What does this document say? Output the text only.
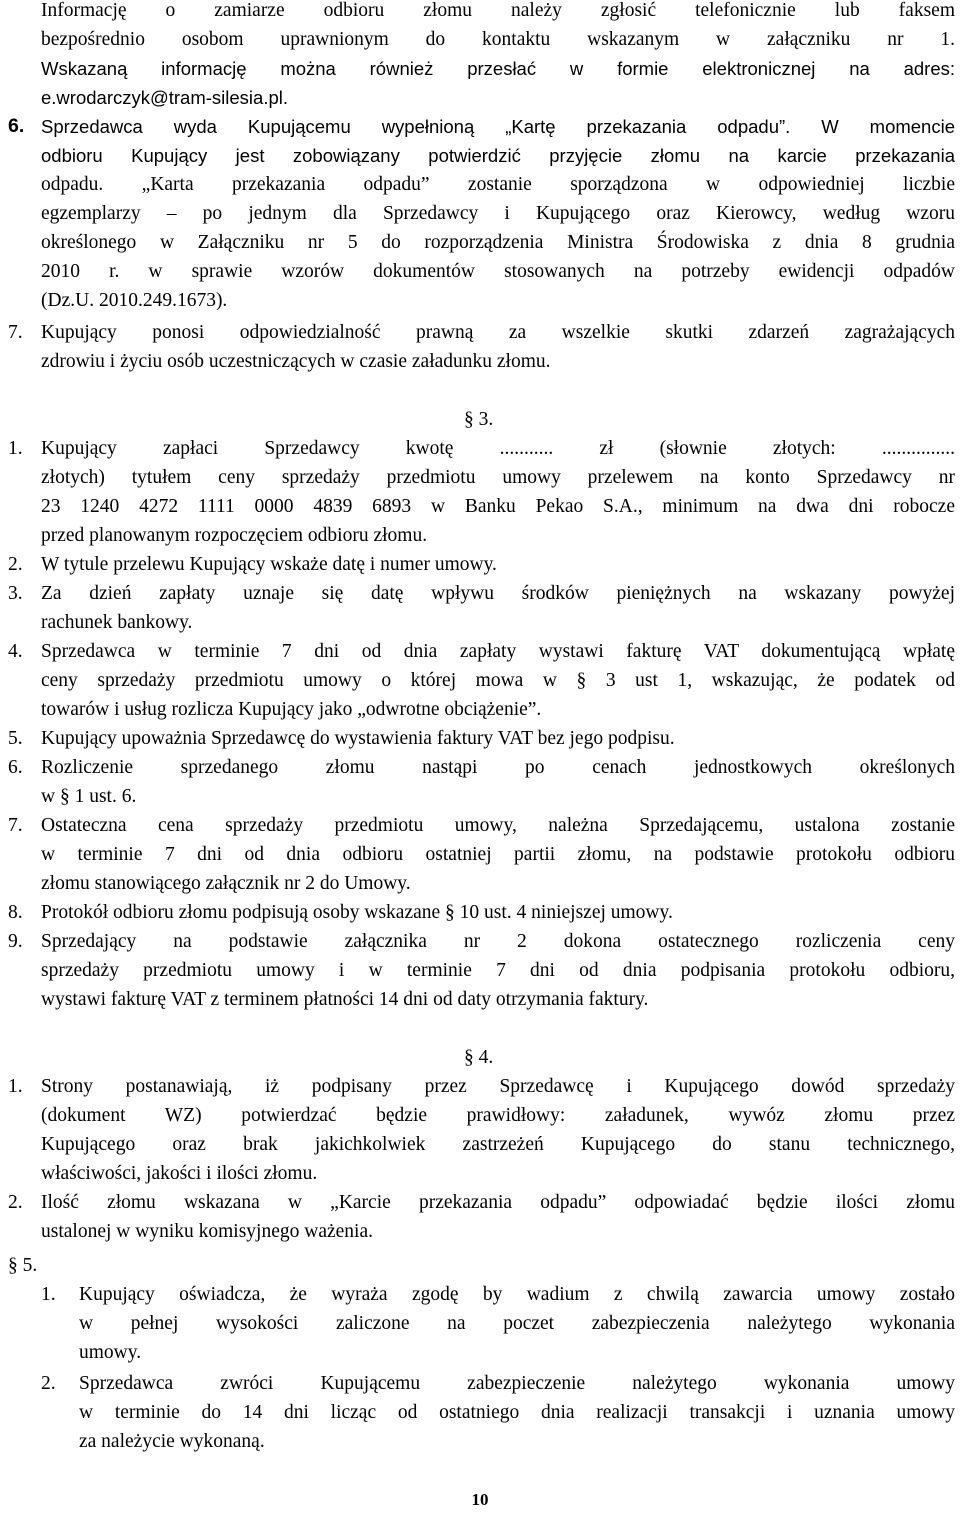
Informację o zamiarze odbioru złomu należy zgłosić telefonicznie lub faksem
bezpośrednio osobom uprawnionym do kontaktu wskazanym w załączniku nr 1.
Wskazaną informację można również przesłać w formie elektronicznej na adres:
e.wrodarczyk@tram-silesia.pl.
6. Sprzedawca wyda Kupującemu wypełnioną „Kartę przekazania odpadu”. W momencie
odbioru Kupujący jest zobowiązany potwierdzić przyjęcie złomu na karcie przekazania
odpadu. „Karta przekazania odpadu” zostanie sporządzona w odpowiedniej liczbie
egzemplarzy – po jednym dla Sprzedawcy i Kupującego oraz Kierowcy, według wzoru
określonego w Załączniku nr 5 do rozporządzenia Ministra Środowiska z dnia 8 grudnia
2010 r. w sprawie wzorów dokumentów stosowanych na potrzeby ewidencji odpadów
(Dz.U. 2010.249.1673).
7. Kupujący ponosi odpowiedzialność prawną za wszelkie skutki zdarzeń zagrażających
zdrowiu i życiu osób uczestniczących w czasie załadunku złomu.
§ 3.
1. Kupujący zapłaci Sprzedawcy kwotę ........... zł (słownie złotych: ...............
złotych) tytułem ceny sprzedaży przedmiotu umowy przelewem na konto Sprzedawcy nr
23 1240 4272 1111 0000 4839 6893 w Banku Pekao S.A., minimum na dwa dni robocze
przed planowanym rozpoczęciem odbioru złomu.
2. W tytule przelewu Kupujący wskaże datę i numer umowy.
3. Za dzień zapłaty uznaje się datę wpływu środków pieniężnych na wskazany powyżej
rachunek bankowy.
4. Sprzedawca w terminie 7 dni od dnia zapłaty wystawi fakturę VAT dokumentującą wpłatę
ceny sprzedaży przedmiotu umowy o której mowa w § 3 ust 1, wskazując, że podatek od
towarów i usług rozlicza Kupujący jako „odwrotne obciążenie”.
5. Kupujący upoważnia Sprzedawcę do wystawienia faktury VAT bez jego podpisu.
6. Rozliczenie sprzedanego złomu nastąpi po cenach jednostkowych określonych
w § 1 ust. 6.
7. Ostateczna cena sprzedaży przedmiotu umowy, należna Sprzedającemu, ustalona zostanie
w terminie 7 dni od dnia odbioru ostatniej partii złomu, na podstawie protokołu odbioru
złomu stanowiącego załącznik nr 2 do Umowy.
8. Protokół odbioru złomu podpisują osoby wskazane § 10 ust. 4 niniejszej umowy.
9. Sprzedający na podstawie załącznika nr 2 dokona ostatecznego rozliczenia ceny
sprzedaży przedmiotu umowy i w terminie 7 dni od dnia podpisania protokołu odbioru,
wystawi fakturę VAT z terminem płatności 14 dni od daty otrzymania faktury.
§ 4.
1. Strony postanawiają, iż podpisany przez Sprzedawcę i Kupującego dowód sprzedaży
(dokument WZ) potwierdzać będzie prawidłowy: załadunek, wywóz złomu przez
Kupującego oraz brak jakichkolwiek zastrzeżeń Kupującego do stanu technicznego,
właściwości, jakości i ilości złomu.
2. Ilość złomu wskazana w „Karcie przekazania odpadu” odpowiadać będzie ilości złomu
ustalonej w wyniku komisyjnego ważenia.
§ 5.
1. Kupujący oświadcza, że wyraża zgodę by wadium z chwilą zawarcia umowy zostało
w pełnej wysokości zaliczone na poczet zabezpieczenia należytego wykonania
umowy.
2. Sprzedawca zwróci Kupującemu zabezpieczenie należytego wykonania umowy
w terminie do 14 dni licząc od ostatniego dnia realizacji transakcji i uznania umowy
za należycie wykonaną.
10
